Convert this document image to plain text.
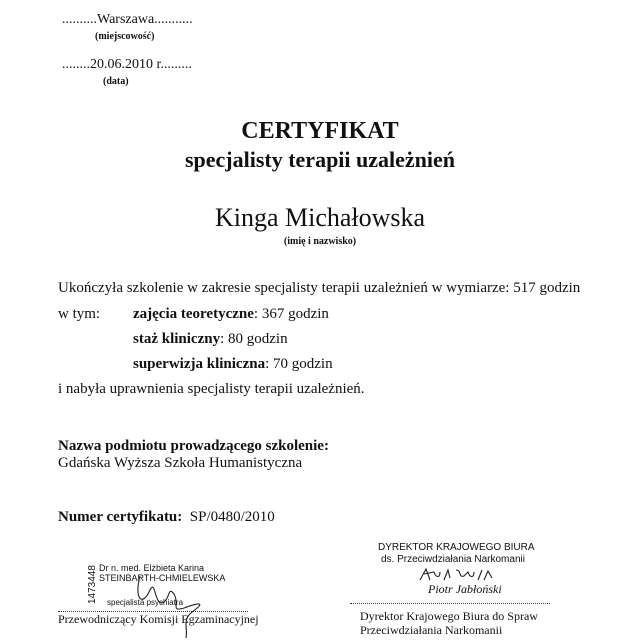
..........Warszawa...........
(miejscowość)
........20.06.2010 r.........
(data)
CERTYFIKAT
specjalisty terapii uzależnień
Kinga Michałowska
(imię i nazwisko)
Ukończyła szkolenie w zakresie specjalisty terapii uzależnień w wymiarze: 517 godzin
w tym: zajęcia teoretyczne: 367 godzin
staż kliniczny: 80 godzin
superwizja kliniczna: 70 godzin
i nabyła uprawnienia specjalisty terapii uzależnień.
Nazwa podmiotu prowadzącego szkolenie:
Gdańska Wyższa Szkoła Humanistyczna
Numer certyfikatu: SP/0480/2010
1473448 Dr n. med. Elżbieta Karina
STEINBARTH-CHMIELEWSKA
specjalista psychiatra
Przewodniczący Komisji Egzaminacyjnej
DYREKTOR KRAJOWEGO BIURA
ds. Przeciwdziałania Narkomanii
Piotr Jabłoński
Dyrektor Krajowego Biura do Spraw
Przeciwdziałania Narkomanii
